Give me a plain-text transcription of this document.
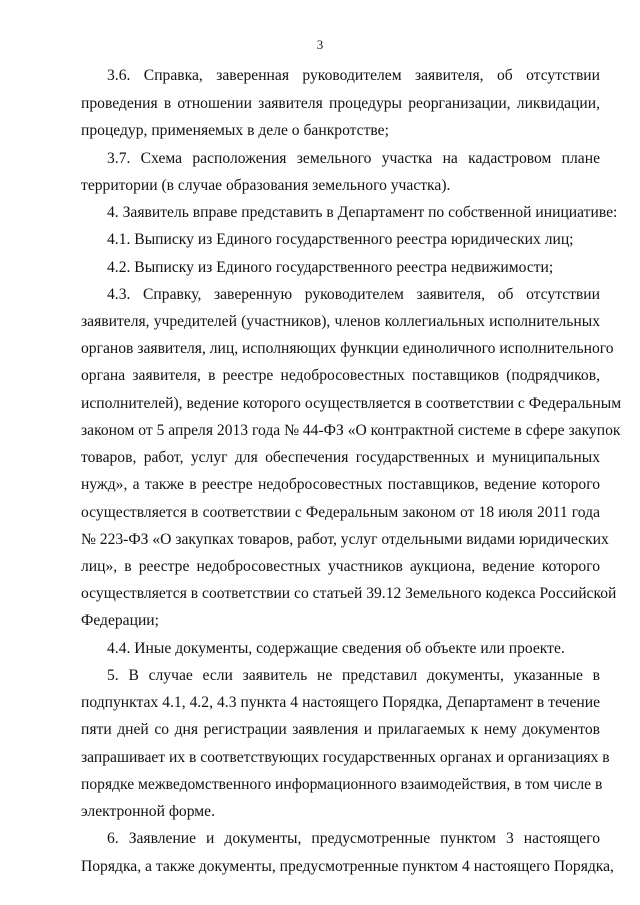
3

3.6. Справка, заверенная руководителем заявителя, об отсутствии

проведения в отношении заявителя процедуры реорганизации, ликвидации,

процедур, применяемых в деле о банкротстве;

3.7. Схема расположения земельного участка на кадастровом плане

территории (в случае образования земельного участка).

4. Заявитель вправе представить в Департамент по собственной инициативе:

4.1. Выписку из Единого государственного реестра юридических лиц;

4.2. Выписку из Единого государственного реестра недвижимости;

4.3. Справку, заверенную руководителем заявителя, об отсутствии

заявителя, учредителей (участников), членов коллегиальных исполнительных

органов заявителя, лиц, исполняющих функции единоличного исполнительного

органа заявителя, в реестре недобросовестных поставщиков (подрядчиков,

исполнителей), ведение которого осуществляется в соответствии с Федеральным

законом от 5 апреля 2013 года № 44-ФЗ «О контрактной системе в сфере закупок

товаров, работ, услуг для обеспечения государственных и муниципальных

нужд», а также в реестре недобросовестных поставщиков, ведение которого

осуществляется в соответствии с Федеральным законом от 18 июля 2011 года

№ 223-ФЗ «О закупках товаров, работ, услуг отдельными видами юридических

лиц», в реестре недобросовестных участников аукциона, ведение которого

осуществляется в соответствии со статьей 39.12 Земельного кодекса Российской

Федерации;

4.4. Иные документы, содержащие сведения об объекте или проекте.

5. В случае если заявитель не представил документы, указанные в

подпунктах 4.1, 4.2, 4.3 пункта 4 настоящего Порядка, Департамент в течение

пяти дней со дня регистрации заявления и прилагаемых к нему документов

запрашивает их в соответствующих государственных органах и организациях в

порядке межведомственного информационного взаимодействия, в том числе в

электронной форме.

6. Заявление и документы, предусмотренные пунктом 3 настоящего

Порядка, а также документы, предусмотренные пунктом 4 настоящего Порядка,
